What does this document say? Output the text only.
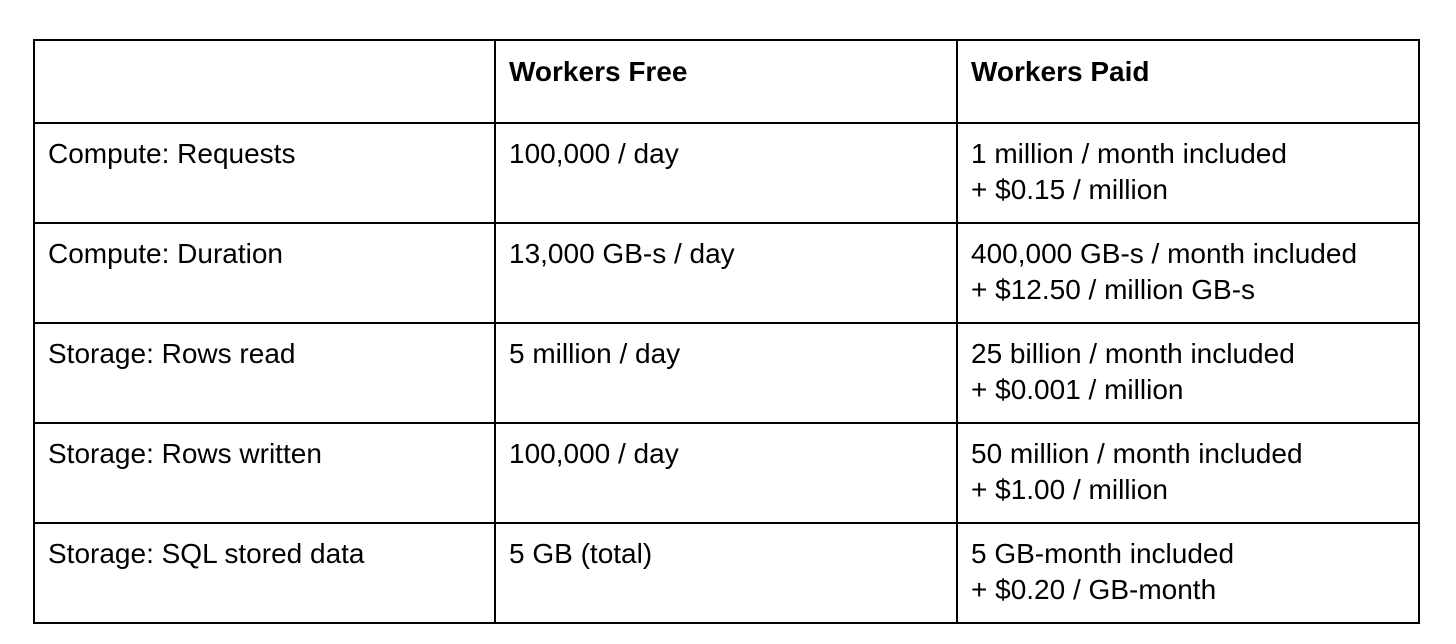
	Workers Free	Workers Paid
Compute: Requests	100,000 / day	1 million / month included
+ $0.15 / million

Compute: Duration	13,000 GB-s / day	400,000 GB-s / month included
+ $12.50 / million GB-s

Storage: Rows read	5 million / day	25 billion / month included
+ $0.001 / million

Storage: Rows written	100,000 / day	50 million / month included
+ $1.00 / million

Storage: SQL stored data	5 GB (total)	5 GB-month included
+ $0.20 / GB-month
